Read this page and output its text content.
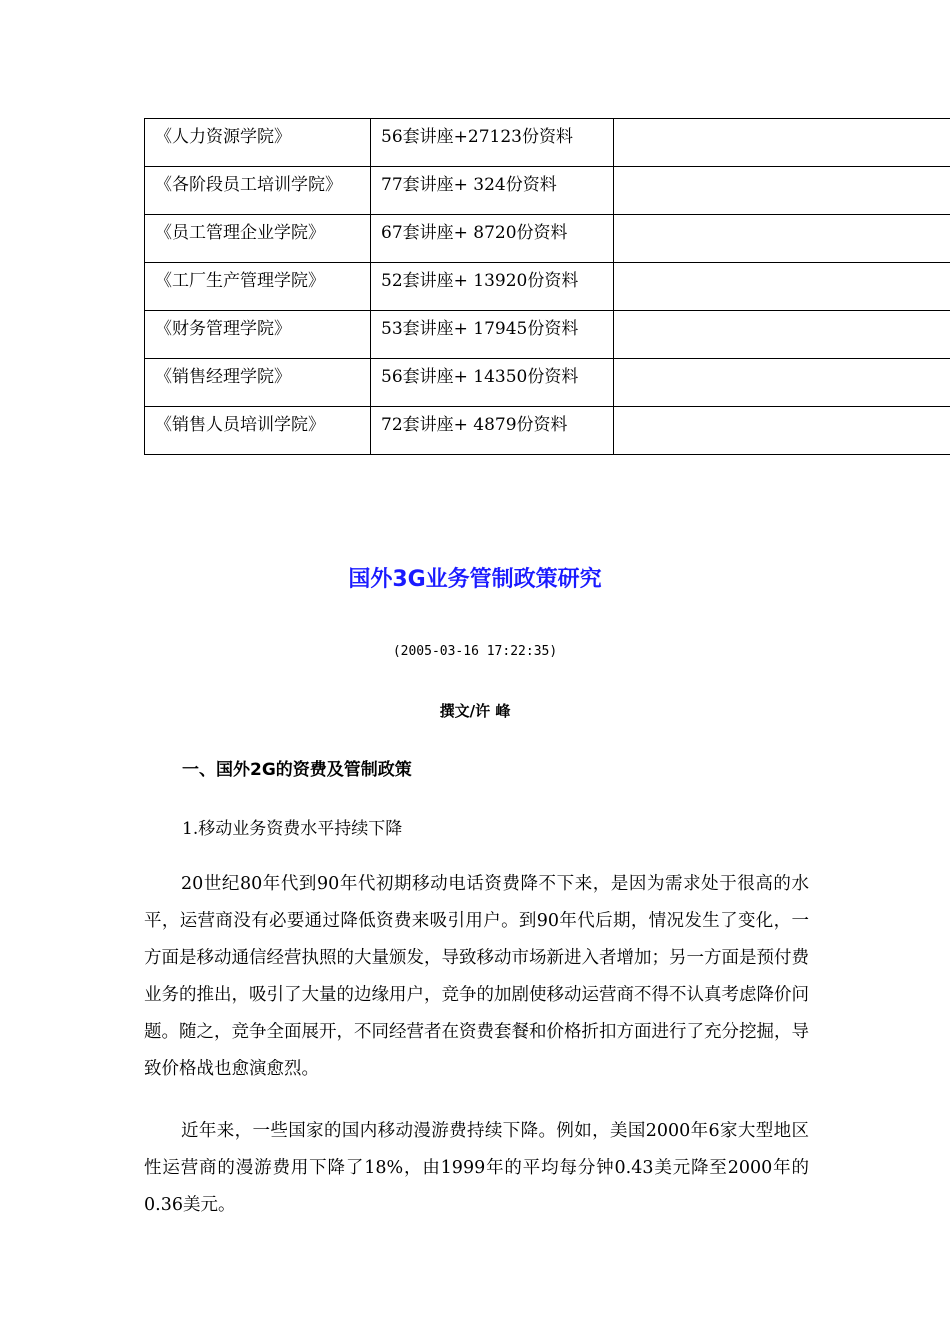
《人力资源学院》	56套讲座+27123份资料	

《各阶段员工培训学院》	77套讲座+ 324份资料	

《员工管理企业学院》	67套讲座+ 8720份资料	

《工厂生产管理学院》	52套讲座+ 13920份资料	

《财务管理学院》	53套讲座+ 17945份资料	

《销售经理学院》	56套讲座+ 14350份资料	

《销售人员培训学院》	72套讲座+ 4879份资料	

国外3G业务管制政策研究
(2005-03-16 17:22:35)
撰文/许 峰
一、国外2G的资费及管制政策
1.移动业务资费水平持续下降

20世纪80年代到90年代初期移动电话资费降不下来，是因为需求处于很高的水平，运营商没有必要通过降低资费来吸引用户。到90年代后期，情况发生了变化，一方面是移动通信经营执照的大量颁发，导致移动市场新进入者增加；另一方面是预付费业务的推出，吸引了大量的边缘用户，竞争的加剧使移动运营商不得不认真考虑降价问题。随之，竞争全面展开，不同经营者在资费套餐和价格折扣方面进行了充分挖掘，导致价格战也愈演愈烈。

近年来，一些国家的国内移动漫游费持续下降。例如，美国2000年6家大型地区性运营商的漫游费用下降了18%，由1999年的平均每分钟0.43美元降至2000年的0.36美元。
